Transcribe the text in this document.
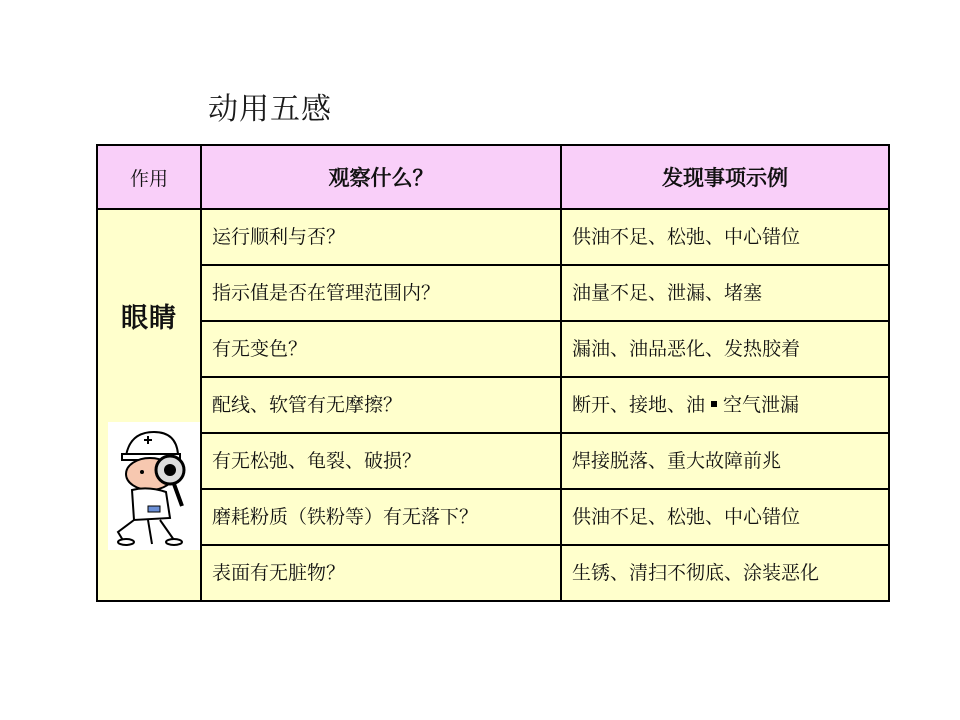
动用五感
作用	观察什么？	发现事项示例

眼睛	运行顺利与否？	供油不足、松弛、中心错位
	指示值是否在管理范围内？	油量不足、泄漏、堵塞
	有无变色？	漏油、油品恶化、发热胶着
	配线、软管有无摩擦？	断开、接地、油 空气泄漏
	有无松弛、龟裂、破损？	焊接脱落、重大故障前兆
	磨耗粉质（铁粉等）有无落下？	供油不足、松弛、中心错位
	表面有无脏物？	生锈、清扫不彻底、涂装恶化
